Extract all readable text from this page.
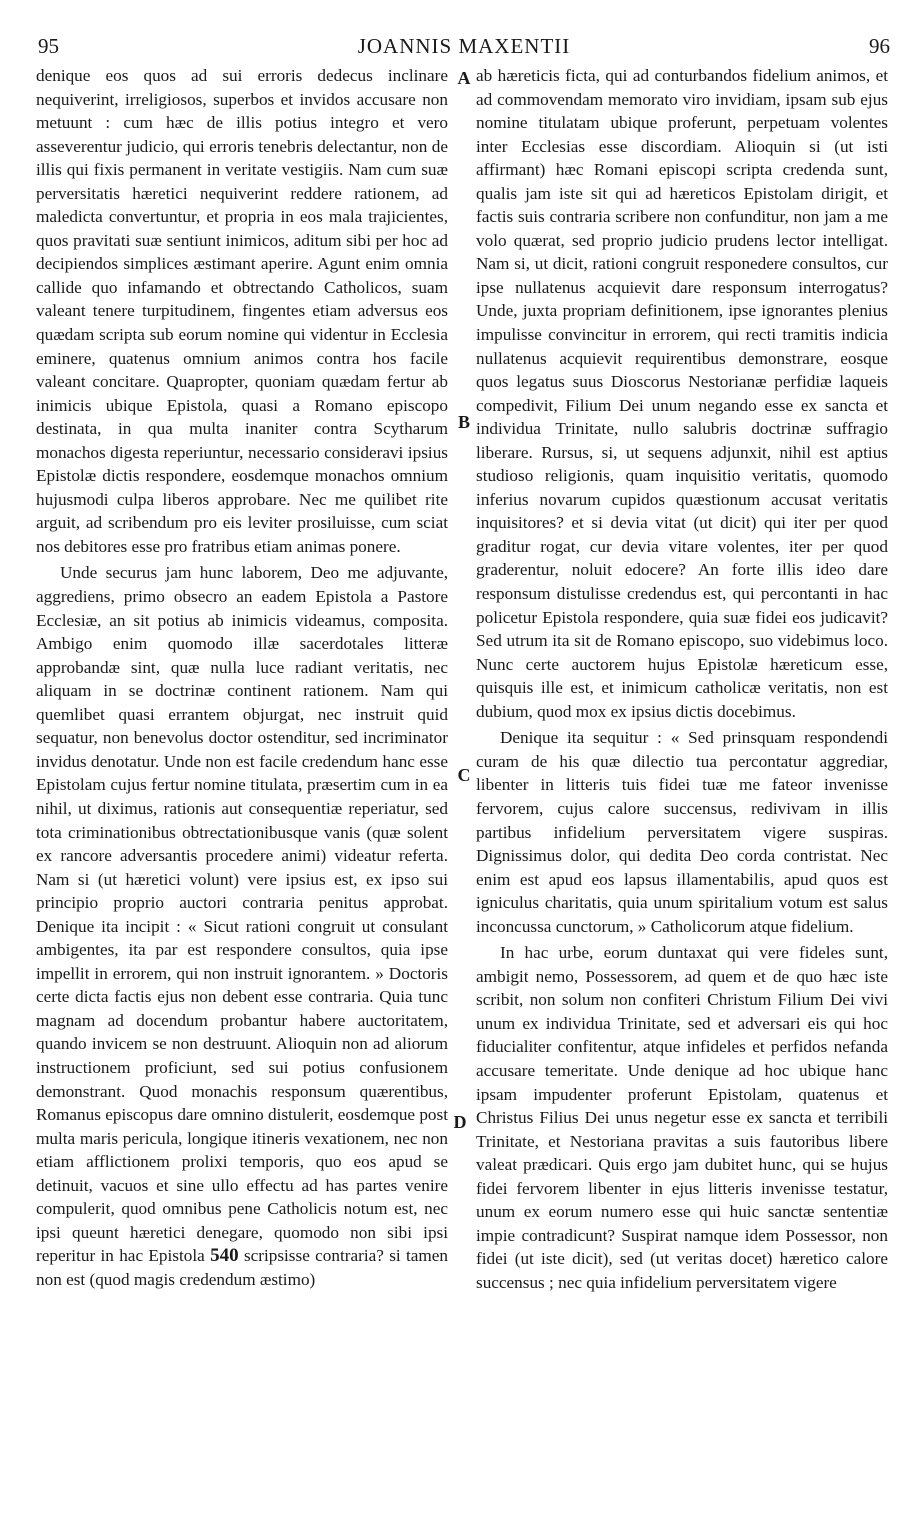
95	JOANNIS MAXENTII	96

denique eos quos ad sui erroris dedecus inclinare nequiverint, irreligiosos, superbos et invidos accusare non metuunt : cum hæc de illis potius integro et vero asseverentur judicio, qui erroris tenebris delectantur, non de illis qui fixis permanent in veritate vestigiis. Nam cum suæ perversitatis hæretici nequiverint reddere rationem, ad maledicta convertuntur, et propria in eos mala trajicientes, quos pravitati suæ sentiunt inimicos, aditum sibi per hoc ad decipiendos simplices æstimant aperire. Agunt enim omnia callide quo infamando et obtrectando Catholicos, suam valeant tenere turpitudinem, fingentes etiam adversus eos quædam scripta sub eorum nomine qui videntur in Ecclesia eminere, quatenus omnium animos contra hos facile valeant concitare. Quapropter, quoniam quædam fertur ab inimicis ubique Epistola, quasi a Romano episcopo destinata, in qua multa inaniter contra Scytharum monachos digesta reperiuntur, necessario consideravi ipsius Epistolæ dictis respondere, eosdemque monachos omnium hujusmodi culpa liberos approbare. Nec me quilibet rite arguit, ad scribendum pro eis leviter prosiluisse, cum sciat nos debitores esse pro fratribus etiam animas ponere.

Unde securus jam hunc laborem, Deo me adjuvante, aggrediens, primo obsecro an eadem Epistola a Pastore Ecclesiæ, an sit potius ab inimicis videamus, composita. Ambigo enim quomodo illæ sacerdotales litteræ approbandæ sint, quæ nulla luce radiant veritatis, nec aliquam in se doctrinæ continent rationem. Nam qui quemlibet quasi errantem objurgat, nec instruit quid sequatur, non benevolus doctor ostenditur, sed incriminator invidus denotatur. Unde non est facile credendum hanc esse Epistolam cujus fertur nomine titulata, præsertim cum in ea nihil, ut diximus, rationis aut consequentiæ reperiatur, sed tota criminationibus obtrectationibusque vanis (quæ solent ex rancore adversantis procedere animi) videatur referta. Nam si (ut hæretici volunt) vere ipsius est, ex ipso sui principio proprio auctori contraria penitus approbat. Denique ita incipit : « Sicut rationi congruit ut consulant ambigentes, ita par est respondere consultos, quia ipse impellit in errorem, qui non instruit ignorantem. » Doctoris certe dicta factis ejus non debent esse contraria. Quia tunc magnam ad docendum probantur habere auctoritatem, quando invicem se non destruunt. Alioquin non ad aliorum instructionem proficiunt, sed sui potius confusionem demonstrant. Quod monachis responsum quærentibus, Romanus episcopus dare omnino distulerit, eosdemque post multa maris pericula, longique itineris vexationem, nec non etiam afflictionem prolixi temporis, quo eos apud se detinuit, vacuos et sine ullo effectu ad has partes venire compulerit, quod omnibus pene Catholicis notum est, nec ipsi queunt hæretici denegare, quomodo non sibi ipsi reperitur in hac Epistola 540 scripsisse contraria? si tamen non est (quod magis credendum æstimo)

ab hæreticis ficta, qui ad conturbandos fidelium animos, et ad commovendam memorato viro invidiam, ipsam sub ejus nomine titulatam ubique proferunt, perpetuam volentes inter Ecclesias esse discordiam. Alioquin si (ut isti affirmant) hæc Romani episcopi scripta credenda sunt, qualis jam iste sit qui ad hæreticos Epistolam dirigit, et factis suis contraria scribere non confunditur, non jam a me volo quærat, sed proprio judicio prudens lector intelligat. Nam si, ut dicit, rationi congruit responedere consultos, cur ipse nullatenus acquievit dare responsum interrogatus? Unde, juxta propriam definitionem, ipse ignorantes plenius impulisse convincitur in errorem, qui recti tramitis indicia nullatenus acquievit requirentibus demonstrare, eosque quos legatus suus Dioscorus Nestorianæ perfidiæ laqueis compedivit, Filium Dei unum negando esse ex sancta et individua Trinitate, nullo salubris doctrinæ suffragio liberare. Rursus, si, ut sequens adjunxit, nihil est aptius studioso religionis, quam inquisitio veritatis, quomodo inferius novarum cupidos quæstionum accusat veritatis inquisitores? et si devia vitat (ut dicit) qui iter per quod graditur rogat, cur devia vitare volentes, iter per quod graderentur, noluit edocere? An forte illis ideo dare responsum distulisse credendus est, qui percontanti in hac policetur Epistola respondere, quia suæ fidei eos judicavit? Sed utrum ita sit de Romano episcopo, suo videbimus loco. Nunc certe auctorem hujus Epistolæ hæreticum esse, quisquis ille est, et inimicum catholicæ veritatis, non est dubium, quod mox ex ipsius dictis docebimus.

Denique ita sequitur : « Sed prinsquam respondendi curam de his quæ dilectio tua percontatur aggrediar, libenter in litteris tuis fidei tuæ me fateor invenisse fervorem, cujus calore succensus, redivivam in illis partibus infidelium perversitatem vigere suspiras. Dignissimus dolor, qui dedita Deo corda contristat. Nec enim est apud eos lapsus illamentabilis, apud quos est igniculus charitatis, quia unum spiritalium votum est salus inconcussa cunctorum, » Catholicorum atque fidelium.

In hac urbe, eorum duntaxat qui vere fideles sunt, ambigit nemo, Possessorem, ad quem et de quo hæc iste scribit, non solum non confiteri Christum Filium Dei vivi unum ex individua Trinitate, sed et adversari eis qui hoc fiducialiter confitentur, atque infideles et perfidos nefanda accusare temeritate. Unde denique ad hoc ubique hanc ipsam impudenter proferunt Epistolam, quatenus et Christus Filius Dei unus negetur esse ex sancta et terribili Trinitate, et Nestoriana pravitas a suis fautoribus libere valeat prædicari. Quis ergo jam dubitet hunc, qui se hujus fidei fervorem libenter in ejus litteris invenisse testatur, unum ex eorum numero esse qui huic sanctæ sententiæ impie contradicunt? Suspirat namque idem Possessor, non fidei (ut iste dicit), sed (ut veritas docet) hæretico calore succensus ; nec quia infidelium perversitatem vigere

A
B
C
D
